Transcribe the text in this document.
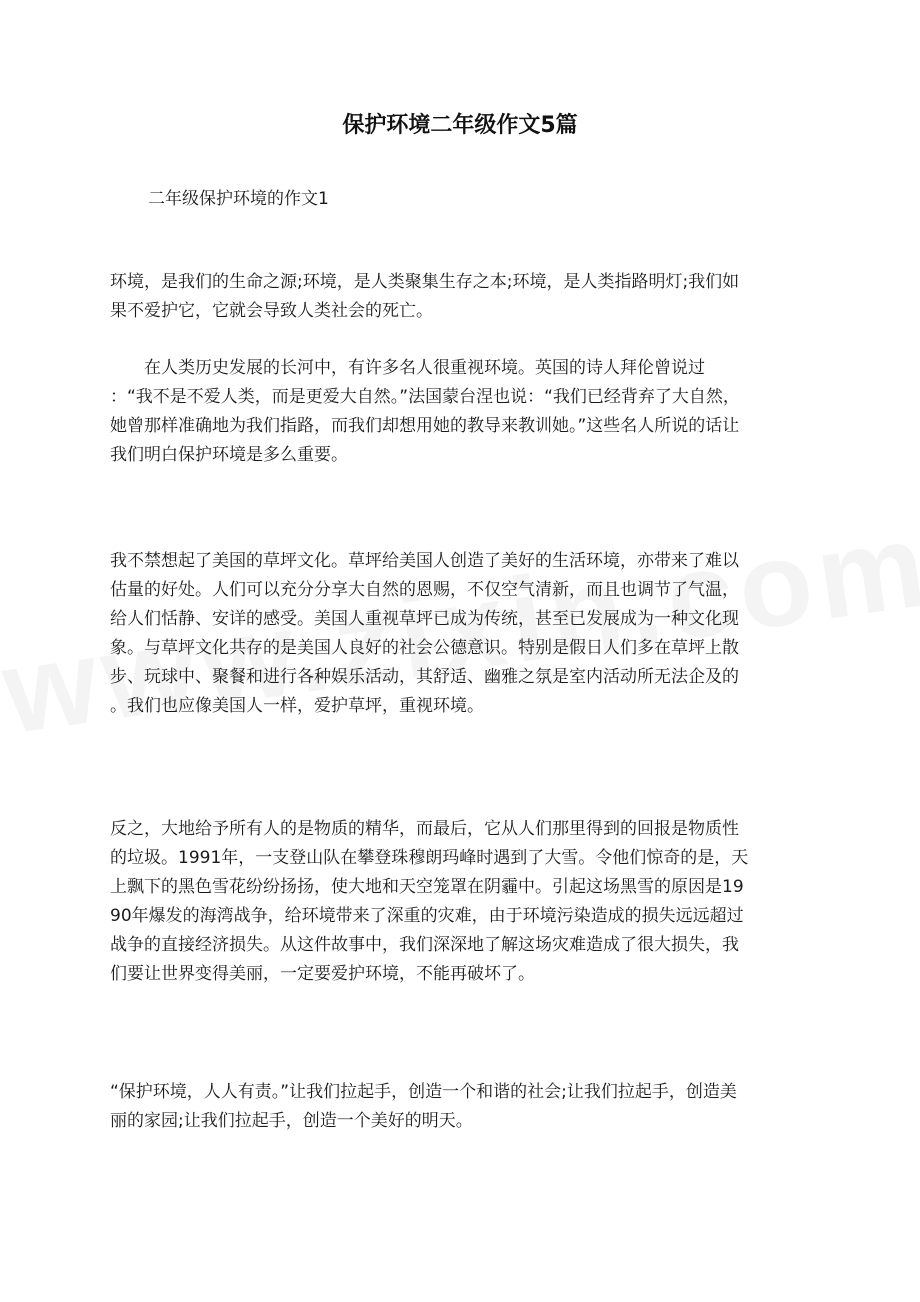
保护环境二年级作文5篇
二年级保护环境的作文1
环境，是我们的生命之源;环境，是人类聚集生存之本;环境，是人类指路明灯;我们如
果不爱护它，它就会导致人类社会的死亡。
　　在人类历史发展的长河中，有许多名人很重视环境。英国的诗人拜伦曾说过
：“我不是不爱人类，而是更爱大自然。”法国蒙台涅也说：“我们已经背弃了大自然，
她曾那样准确地为我们指路，而我们却想用她的教导来教训她。”这些名人所说的话让
我们明白保护环境是多么重要。
我不禁想起了美国的草坪文化。草坪给美国人创造了美好的生活环境，亦带来了难以
估量的好处。人们可以充分分享大自然的恩赐，不仅空气清新，而且也调节了气温，
给人们恬静、安详的感受。美国人重视草坪已成为传统，甚至已发展成为一种文化现
象。与草坪文化共存的是美国人良好的社会公德意识。特别是假日人们多在草坪上散
步、玩球中、聚餐和进行各种娱乐活动，其舒适、幽雅之氛是室内活动所无法企及的
。我们也应像美国人一样，爱护草坪，重视环境。
反之，大地给予所有人的是物质的精华，而最后，它从人们那里得到的回报是物质性
的垃圾。1991年，一支登山队在攀登珠穆朗玛峰时遇到了大雪。令他们惊奇的是，天
上飘下的黑色雪花纷纷扬扬，使大地和天空笼罩在阴霾中。引起这场黑雪的原因是19
90年爆发的海湾战争，给环境带来了深重的灾难，由于环境污染造成的损失远远超过
战争的直接经济损失。从这件故事中，我们深深地了解这场灾难造成了很大损失，我
们要让世界变得美丽，一定要爱护环境，不能再破坏了。
“保护环境，人人有责。”让我们拉起手，创造一个和谐的社会;让我们拉起手，创造美
丽的家园;让我们拉起手，创造一个美好的明天。
